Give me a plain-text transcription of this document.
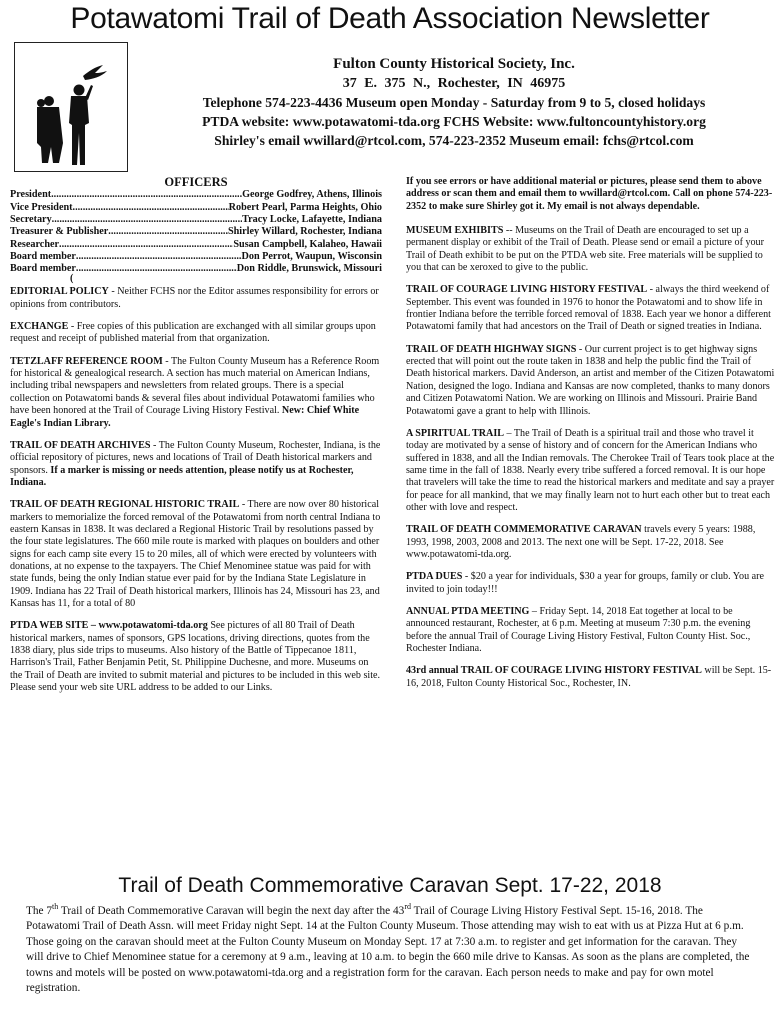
Potawatomi Trail of Death Association Newsletter
Fulton County Historical Society, Inc.
37 E. 375 N., Rochester, IN 46975
Telephone 574-223-4436 Museum open Monday - Saturday from 9 to 5, closed holidays
PTDA website: www.potawatomi-tda.org FCHS Website: www.fultoncountyhistory.org
Shirley's email wwillard@rtcol.com, 574-223-2352 Museum email: fchs@rtcol.com
OFFICERS
President .....	George Godfrey, Athens, Illinois
Vice President .....	Robert Pearl, Parma Heights, Ohio
Secretary .....	Tracy Locke, Lafayette, Indiana
Treasurer & Publisher .....	Shirley Willard, Rochester, Indiana
Researcher .....	Susan Campbell, Kalaheo, Hawaii
Board member .....	Don Perrot, Waupun, Wisconsin
Board member .....	Don Riddle, Brunswick, Missouri
(
EDITORIAL POLICY - Neither FCHS nor the Editor assumes responsibility for errors or opinions from contributors.
EXCHANGE - Free copies of this publication are exchanged with all similar groups upon request and receipt of published material from that organization.
TETZLAFF REFERENCE ROOM - The Fulton County Museum has a Reference Room for historical & genealogical research. A section has much material on American Indians, including tribal newspapers and newsletters from related groups. There is a special collection on Potawatomi bands & several files about individual Potawatomi families who have been honored at the Trail of Courage Living History Festival. New: Chief White Eagle's Indian Library.
TRAIL OF DEATH ARCHIVES - The Fulton County Museum, Rochester, Indiana, is the official repository of pictures, news and locations of Trail of Death historical markers and sponsors. If a marker is missing or needs attention, please notify us at Rochester, Indiana.
TRAIL OF DEATH REGIONAL HISTORIC TRAIL - There are now over 80 historical markers to memorialize the forced removal of the Potawatomi from north central Indiana to eastern Kansas in 1838. It was declared a Regional Historic Trail by resolutions passed by the four state legislatures. The 660 mile route is marked with plaques on boulders and other signs for each camp site every 15 to 20 miles, all of which were erected by volunteers with donations, at no expense to the taxpayers. The Chief Menominee statue was paid for with state funds, being the only Indian statue ever paid for by the Indiana State Legislature in 1909. Indiana has 22 Trail of Death historical markers, Illinois has 24, Missouri has 23, and Kansas has 11, for a total of 80
PTDA WEB SITE – www.potawatomi-tda.org See pictures of all 80 Trail of Death historical markers, names of sponsors, GPS locations, driving directions, quotes from the 1838 diary, plus side trips to museums. Also history of the Battle of Tippecanoe 1811, Harrison's Trail, Father Benjamin Petit, St. Philippine Duchesne, and more. Museums on the Trail of Death are invited to submit material and pictures to be included in this web site. Please send your web site URL address to be added to our Links.
If you see errors or have additional material or pictures, please send them to above address or scan them and email them to wwillard@rtcol.com. Call on phone 574-223-2352 to make sure Shirley got it. My email is not always dependable.
MUSEUM EXHIBITS -- Museums on the Trail of Death are encouraged to set up a permanent display or exhibit of the Trail of Death. Please send or email a picture of your Trail of Death exhibit to be put on the PTDA web site. Free materials will be supplied to you that can be xeroxed to give to the public.
TRAIL OF COURAGE LIVING HISTORY FESTIVAL - always the third weekend of September. This event was founded in 1976 to honor the Potawatomi and to show life in frontier Indiana before the terrible forced removal of 1838. Each year we honor a different Potawatomi family that had ancestors on the Trail of Death or signed treaties in Indiana.
TRAIL OF DEATH HIGHWAY SIGNS - Our current project is to get highway signs erected that will point out the route taken in 1838 and help the public find the Trail of Death historical markers. David Anderson, an artist and member of the Citizen Potawatomi Nation, designed the logo. Indiana and Kansas are now completed, thanks to many donors and Citizen Potawatomi Nation. We are working on Illinois and Missouri. Prairie Band Potawatomi gave a grant to help with Illinois.
A SPIRITUAL TRAIL – The Trail of Death is a spiritual trail and those who travel it today are motivated by a sense of history and of concern for the American Indians who suffered in 1838, and all the Indian removals. The Cherokee Trail of Tears took place at the same time in the fall of 1838. Nearly every tribe suffered a forced removal. It is our hope that travelers will take the time to read the historical markers and meditate and say a prayer for peace for all mankind, that we may finally learn not to hurt each other but to treat each other with love and respect.
TRAIL OF DEATH COMMEMORATIVE CARAVAN travels every 5 years: 1988, 1993, 1998, 2003, 2008 and 2013. The next one will be Sept. 17-22, 2018. See www.potawatomi-tda.org.
PTDA DUES - $20 a year for individuals, $30 a year for groups, family or club. You are invited to join today!!!
ANNUAL PTDA MEETING – Friday Sept. 14, 2018 Eat together at local to be announced restaurant, Rochester, at 6 p.m. Meeting at museum 7:30 p.m. the evening before the annual Trail of Courage Living History Festival, Fulton County Hist. Soc., Rochester Indiana.
43rd annual TRAIL OF COURAGE LIVING HISTORY FESTIVAL will be Sept. 15-16, 2018, Fulton County Historical Soc., Rochester, IN.
Trail of Death Commemorative Caravan Sept. 17-22, 2018
The 7th Trail of Death Commemorative Caravan will begin the next day after the 43rd Trail of Courage Living History Festival Sept. 15-16, 2018. The Potawatomi Trail of Death Assn. will meet Friday night Sept. 14 at the Fulton County Museum. Those attending may wish to eat with us at Pizza Hut at 6 p.m. Those going on the caravan should meet at the Fulton County Museum on Monday Sept. 17 at 7:30 a.m. to register and get information for the caravan. They will drive to Chief Menominee statue for a ceremony at 9 a.m., leaving at 10 a.m. to begin the 660 mile drive to Kansas. As soon as the plans are completed, the towns and motels will be posted on www.potawatomi-tda.org and a registration form for the caravan. Each person needs to make and pay for own motel registration.
